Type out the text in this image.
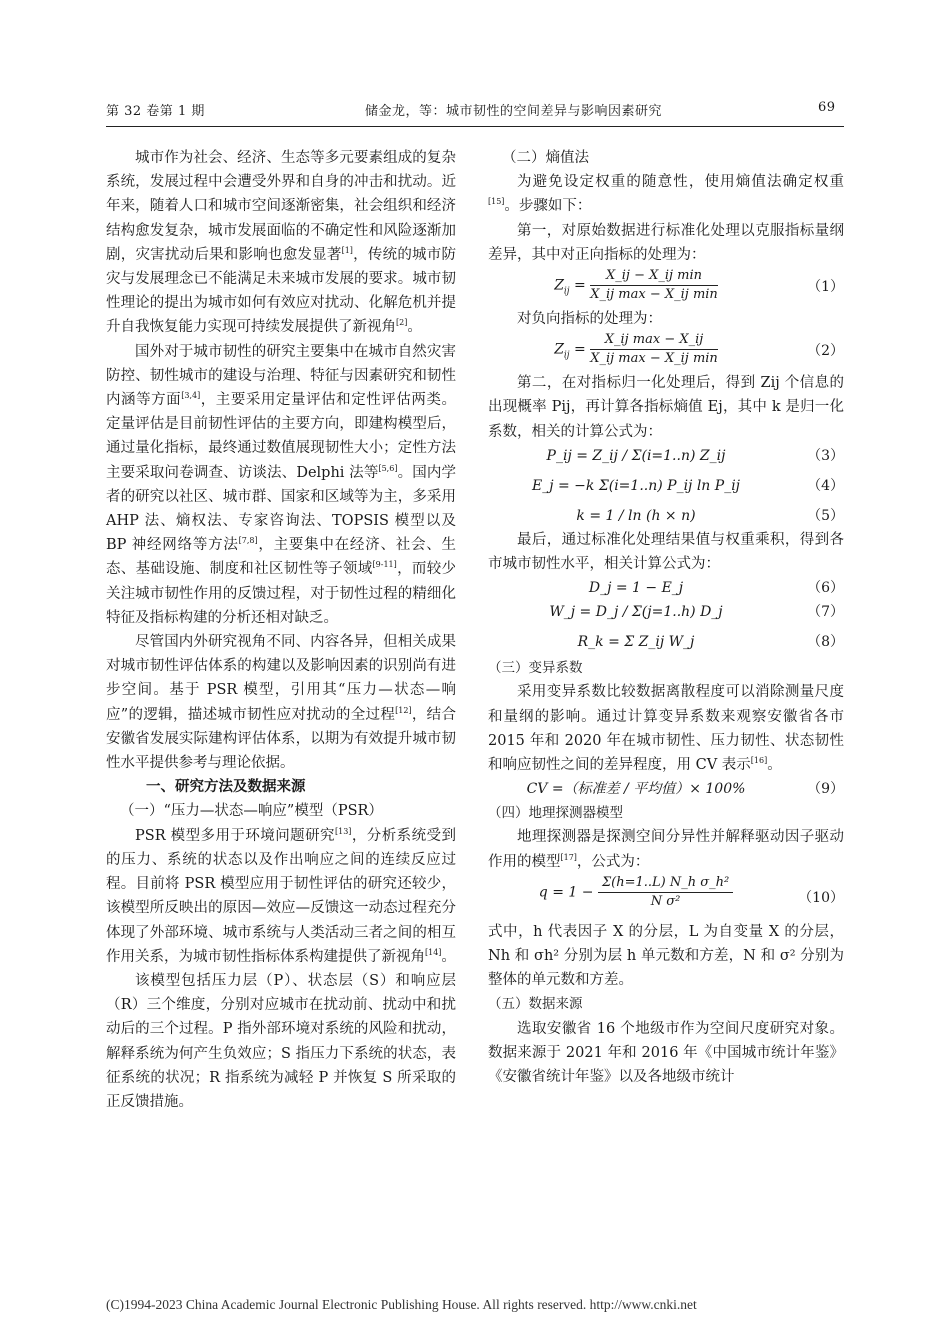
第 32 卷第 1 期	储金龙，等：城市韧性的空间差异与影响因素研究	69

城市作为社会、经济、生态等多元要素组成的复杂系统，发展过程中会遭受外界和自身的冲击和扰动。近年来，随着人口和城市空间逐渐密集，社会组织和经济结构愈发复杂，城市发展面临的不确定性和风险逐渐加剧，灾害扰动后果和影响也愈发显著[1]，传统的城市防灾与发展理念已不能满足未来城市发展的要求。城市韧性理论的提出为城市如何有效应对扰动、化解危机并提升自我恢复能力实现可持续发展提供了新视角[2]。

国外对于城市韧性的研究主要集中在城市自然灾害防控、韧性城市的建设与治理、特征与因素研究和韧性内涵等方面[3,4]，主要采用定量评估和定性评估两类。定量评估是目前韧性评估的主要方向，即建构模型后，通过量化指标，最终通过数值展现韧性大小；定性方法主要采取问卷调查、访谈法、Delphi 法等[5,6]。国内学者的研究以社区、城市群、国家和区域等为主，多采用 AHP 法、熵权法、专家咨询法、TOPSIS 模型以及 BP 神经网络等方法[7,8]，主要集中在经济、社会、生态、基础设施、制度和社区韧性等子领域[9-11]，而较少关注城市韧性作用的反馈过程，对于韧性过程的精细化特征及指标构建的分析还相对缺乏。

尽管国内外研究视角不同、内容各异，但相关成果对城市韧性评估体系的构建以及影响因素的识别尚有进步空间。基于 PSR 模型，引用其“压力—状态—响应”的逻辑，描述城市韧性应对扰动的全过程[12]，结合安徽省发展实际建构评估体系，以期为有效提升城市韧性水平提供参考与理论依据。

一、研究方法及数据来源

（一）“压力—状态—响应”模型（PSR）

PSR 模型多用于环境问题研究[13]，分析系统受到的压力、系统的状态以及作出响应之间的连续反应过程。目前将 PSR 模型应用于韧性评估的研究还较少，该模型所反映出的原因—效应—反馈这一动态过程充分体现了外部环境、城市系统与人类活动三者之间的相互作用关系，为城市韧性指标体系构建提供了新视角[14]。

该模型包括压力层（P）、状态层（S）和响应层（R）三个维度，分别对应城市在扰动前、扰动中和扰动后的三个过程。P 指外部环境对系统的风险和扰动，解释系统为何产生负效应；S 指压力下系统的状态，表征系统的状况；R 指系统为减轻 P 并恢复 S 所采取的正反馈措施。

（二）熵值法

为避免设定权重的随意性，使用熵值法确定权重[15]。步骤如下：

第一，对原始数据进行标准化处理以克服指标量纲差异，其中对正向指标的处理为：

$Z_{ij} = \frac{\text{X\_ij − X\_ij min}}{\text{X\_ij max − X\_ij min}}$	（1）

对负向指标的处理为：

$Z_{ij} = \frac{\text{X\_ij max − X\_ij}}{\text{X\_ij max − X\_ij min}}$	（2）

第二，在对指标归一化处理后，得到 Zij 个信息的出现概率 Pij，再计算各指标熵值 Ej，其中 k 是归一化系数，相关的计算公式为：

P_ij = Z_ij / Σ(i=1..n) Z_ij	（3）
E_j = −k Σ(i=1..n) P_ij ln P_ij	（4）
k = 1 / ln (h × n)	（5）

最后，通过标准化处理结果值与权重乘积，得到各市城市韧性水平，相关计算公式为：

D_j = 1 − E_j	（6）
W_j = D_j / Σ(j=1..h) D_j	（7）
R_k = Σ Z_ij W_j	（8）

（三）变异系数

采用变异系数比较数据离散程度可以消除测量尺度和量纲的影响。通过计算变异系数来观察安徽省各市 2015 年和 2020 年在城市韧性、压力韧性、状态韧性和响应韧性之间的差异程度，用 CV 表示[16]。

CV =（标准差 / 平均值）× 100%	（9）

（四）地理探测器模型

地理探测器是探测空间分异性并解释驱动因子驱动作用的模型[17]，公式为：

$q = 1 - \frac{\text{Σ(h=1..L) N\_h σ\_h²}}{\text{N σ²}}$	（10）

式中，h 代表因子 X 的分层，L 为自变量 X 的分层，Nh 和 σh² 分别为层 h 单元数和方差，N 和 σ² 分别为整体的单元数和方差。

（五）数据来源

选取安徽省 16 个地级市作为空间尺度研究对象。数据来源于 2021 年和 2016 年《中国城市统计年鉴》《安徽省统计年鉴》以及各地级市统计

(C)1994-2023 China Academic Journal Electronic Publishing House. All rights reserved. http://www.cnki.net
